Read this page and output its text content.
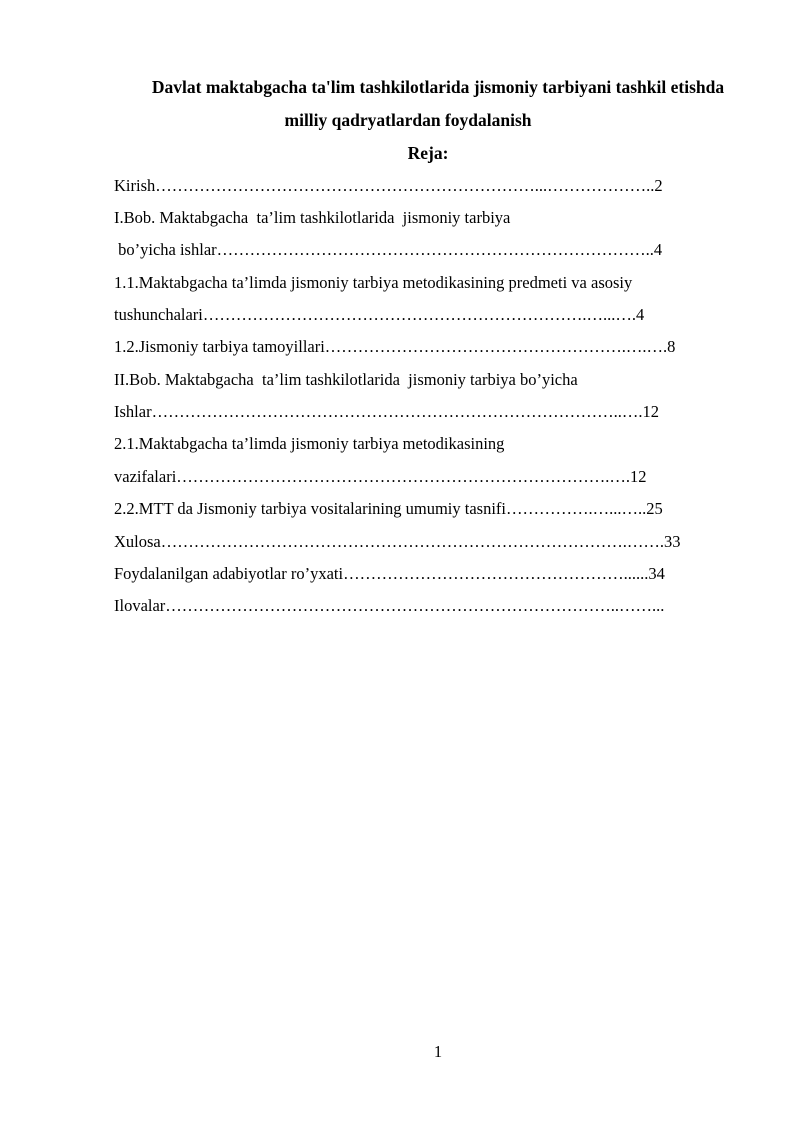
Davlat maktabgacha ta'lim tashkilotlarida jismoniy tarbiyani tashkil etishda
milliy qadryatlardan foydalanish
Reja:
Kirish……………………………………………………………...………………..2
I.Bob. Maktabgacha  ta’lim tashkilotlarida  jismoniy tarbiya
bo’yicha ishlar……………………………………………………………………..4
1.1.Maktabgacha ta’limda jismoniy tarbiya metodikasining predmeti va asosiy
tushunchalari…………………………………………………………….…...….4
1.2.Jismoniy tarbiya tamoyillari……………………………………………….….….8
II.Bob. Maktabgacha  ta’lim tashkilotlarida  jismoniy tarbiya bo’yicha
Ishlar…………………………………………………………………………..….12
2.1.Maktabgacha ta’limda jismoniy tarbiya metodikasining
vazifalari…………………………………………………………………….….12
2.2.MTT da Jismoniy tarbiya vositalarining umumiy tasnifi…………….…...…..25
Xulosa………………………………………………………………………….…….33
Foydalanilgan adabiyotlar ro’yxati……………………………………………......34
Ilovalar………………………………………………………………………..……...
1
